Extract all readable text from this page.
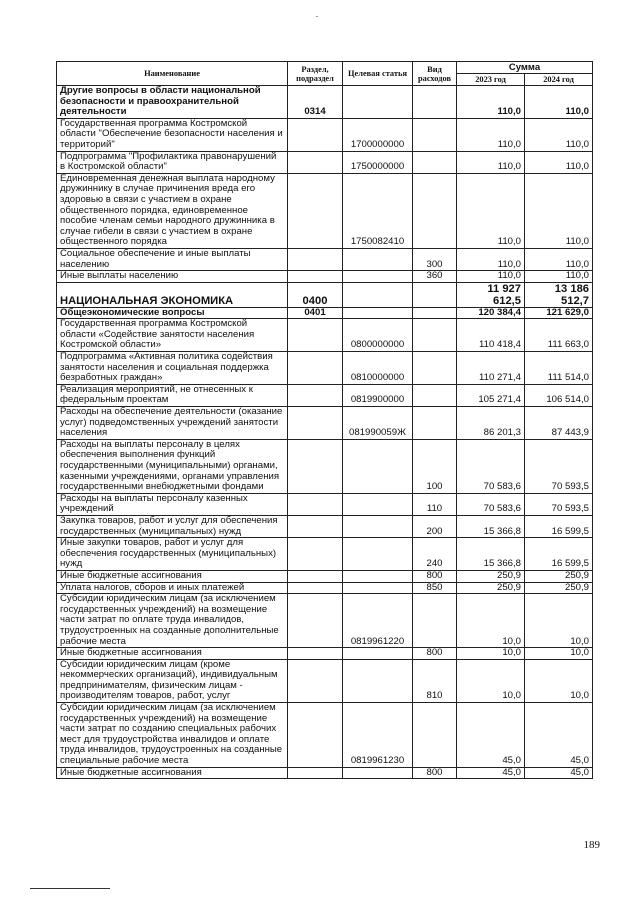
Наименование	Раздел, подраздел	Целевая статья	Вид расходов	Сумма	
				2023 год	2024 год
Другие вопросы в области национальной безопасности и правоохранительной деятельности	0314			110,0	110,0
Государственная программа Костромской области "Обеспечение безопасности населения и территорий"		1700000000		110,0	110,0
Подпрограмма "Профилактика правонарушений в Костромской области"		1750000000		110,0	110,0
Единовременная денежная выплата народному дружиннику в случае причинения вреда его здоровью в связи с участием в охране общественного порядка, единовременное пособие членам семьи народного дружинника в случае гибели в связи с участием в охране общественного порядка		1750082410		110,0	110,0
Социальное обеспечение и иные выплаты населению			300	110,0	110,0
Иные выплаты населению			360	110,0	110,0
НАЦИОНАЛЬНАЯ ЭКОНОМИКА	0400			11 927 612,5	13 186 512,7
Общеэкономические вопросы	0401			120 384,4	121 629,0
Государственная программа Костромской области «Содействие занятости населения Костромской области»		0800000000		110 418,4	111 663,0
Подпрограмма «Активная политика содействия занятости населения и социальная поддержка безработных граждан»		0810000000		110 271,4	111 514,0
Реализация мероприятий, не отнесенных к федеральным проектам		0819900000		105 271,4	106 514,0
Расходы на обеспечение деятельности (оказание услуг) подведомственных учреждений занятости населения		081990059Ж		86 201,3	87 443,9
Расходы на выплаты персоналу в целях обеспечения выполнения функций государственными (муниципальными) органами, казенными учреждениями, органами управления государственными внебюджетными фондами			100	70 583,6	70 593,5
Расходы на выплаты персоналу казенных учреждений			110	70 583,6	70 593,5
Закупка товаров, работ и услуг для обеспечения государственных (муниципальных) нужд			200	15 366,8	16 599,5
Иные закупки товаров, работ и услуг для обеспечения государственных (муниципальных) нужд			240	15 366,8	16 599,5
Иные бюджетные ассигнования			800	250,9	250,9
Уплата налогов, сборов и иных платежей			850	250,9	250,9
Субсидии юридическим лицам (за исключением государственных учреждений) на возмещение части затрат по оплате труда инвалидов, трудоустроенных на созданные дополнительные рабочие места		0819961220		10,0	10,0
Иные бюджетные ассигнования			800	10,0	10,0
Субсидии юридическим лицам (кроме некоммерческих организаций), индивидуальным предпринимателям, физическим лицам - производителям товаров, работ, услуг			810	10,0	10,0
Субсидии юридическим лицам (за исключением государственных учреждений) на возмещение части затрат по созданию специальных рабочих мест для трудоустройства инвалидов и оплате труда инвалидов, трудоустроенных на созданные специальные рабочие места		0819961230		45,0	45,0
Иные бюджетные ассигнования			800	45,0	45,0
189
